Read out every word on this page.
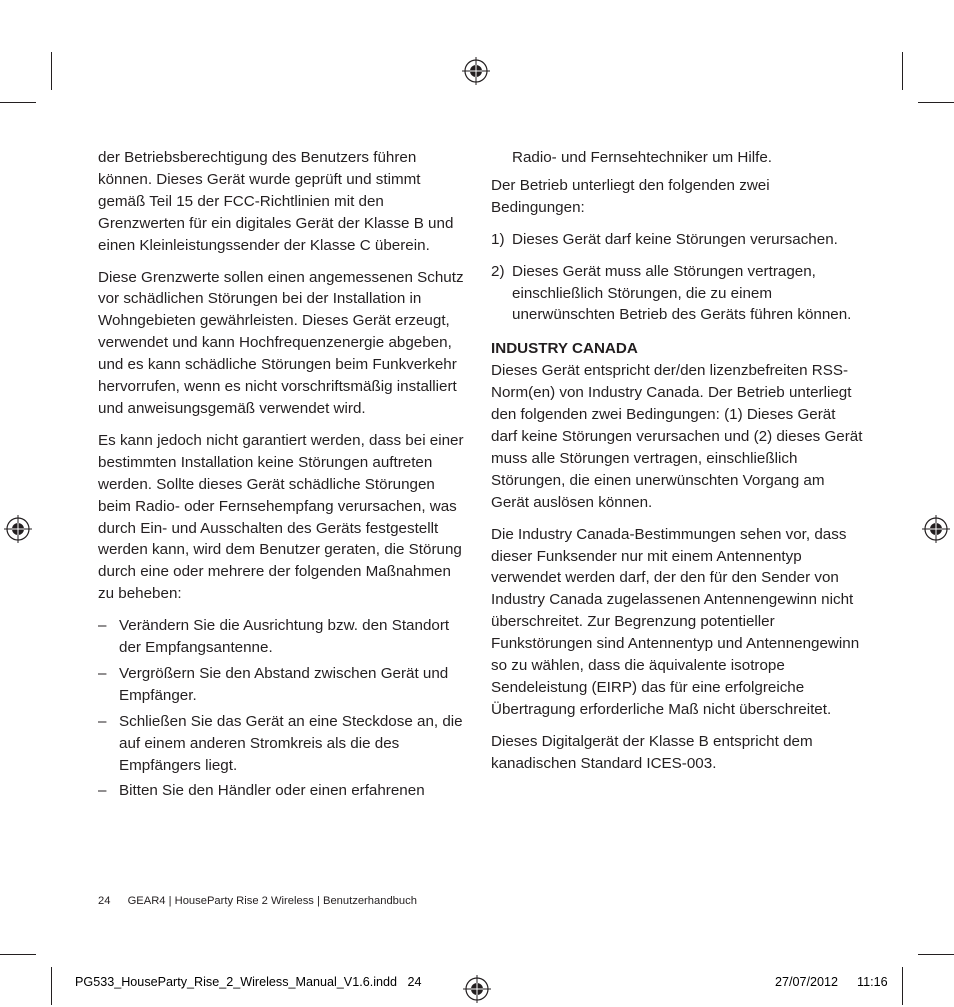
der Betriebsberechtigung des Benutzers führen können. Dieses Gerät wurde geprüft und stimmt gemäß Teil 15 der FCC-Richtlinien mit den Grenzwerten für ein digitales Gerät der Klasse B und einen Kleinleistungssender der Klasse C überein.

Diese Grenzwerte sollen einen angemessenen Schutz vor schädlichen Störungen bei der Installation in Wohngebieten gewährleisten. Dieses Gerät erzeugt, verwendet und kann Hochfrequenzenergie abgeben, und es kann schädliche Störungen beim Funkverkehr hervorrufen, wenn es nicht vorschriftsmäßig installiert und anweisungsgemäß verwendet wird.

Es kann jedoch nicht garantiert werden, dass bei einer bestimmten Installation keine Störungen auftreten werden. Sollte dieses Gerät schädliche Störungen beim Radio- oder Fernsehempfang verursachen, was durch Ein- und Ausschalten des Geräts festgestellt werden kann, wird dem Benutzer geraten, die Störung durch eine oder mehrere der folgenden Maßnahmen zu beheben:

– Verändern Sie die Ausrichtung bzw. den Standort der Empfangsantenne.
– Vergrößern Sie den Abstand zwischen Gerät und Empfänger.
– Schließen Sie das Gerät an eine Steckdose an, die auf einem anderen Stromkreis als die des Empfängers liegt.
– Bitten Sie den Händler oder einen erfahrenen

Radio- und Fernsehtechniker um Hilfe.

Der Betrieb unterliegt den folgenden zwei Bedingungen:

1) Dieses Gerät darf keine Störungen verursachen.
2) Dieses Gerät muss alle Störungen vertragen, einschließlich Störungen, die zu einem unerwünschten Betrieb des Geräts führen können.

INDUSTRY CANADA

Dieses Gerät entspricht der/den lizenzbefreiten RSS-Norm(en) von Industry Canada. Der Betrieb unterliegt den folgenden zwei Bedingungen: (1) Dieses Gerät darf keine Störungen verursachen und (2) dieses Gerät muss alle Störungen vertragen, einschließlich Störungen, die einen unerwünschten Vorgang am Gerät auslösen können.

Die Industry Canada-Bestimmungen sehen vor, dass dieser Funksender nur mit einem Antennentyp verwendet werden darf, der den für den Sender von Industry Canada zugelassenen Antennengewinn nicht überschreitet. Zur Begrenzung potentieller Funkstörungen sind Antennentyp und Antennengewinn so zu wählen, dass die äquivalente isotrope Sendeleistung (EIRP) das für eine erfolgreiche Übertragung erforderliche Maß nicht überschreitet.

Dieses Digitalgerät der Klasse B entspricht dem kanadischen Standard ICES-003.

24 GEAR4 | HouseParty Rise 2 Wireless | Benutzerhandbuch
PG533_HouseParty_Rise_2_Wireless_Manual_V1.6.indd   24	27/07/2012 11:16
